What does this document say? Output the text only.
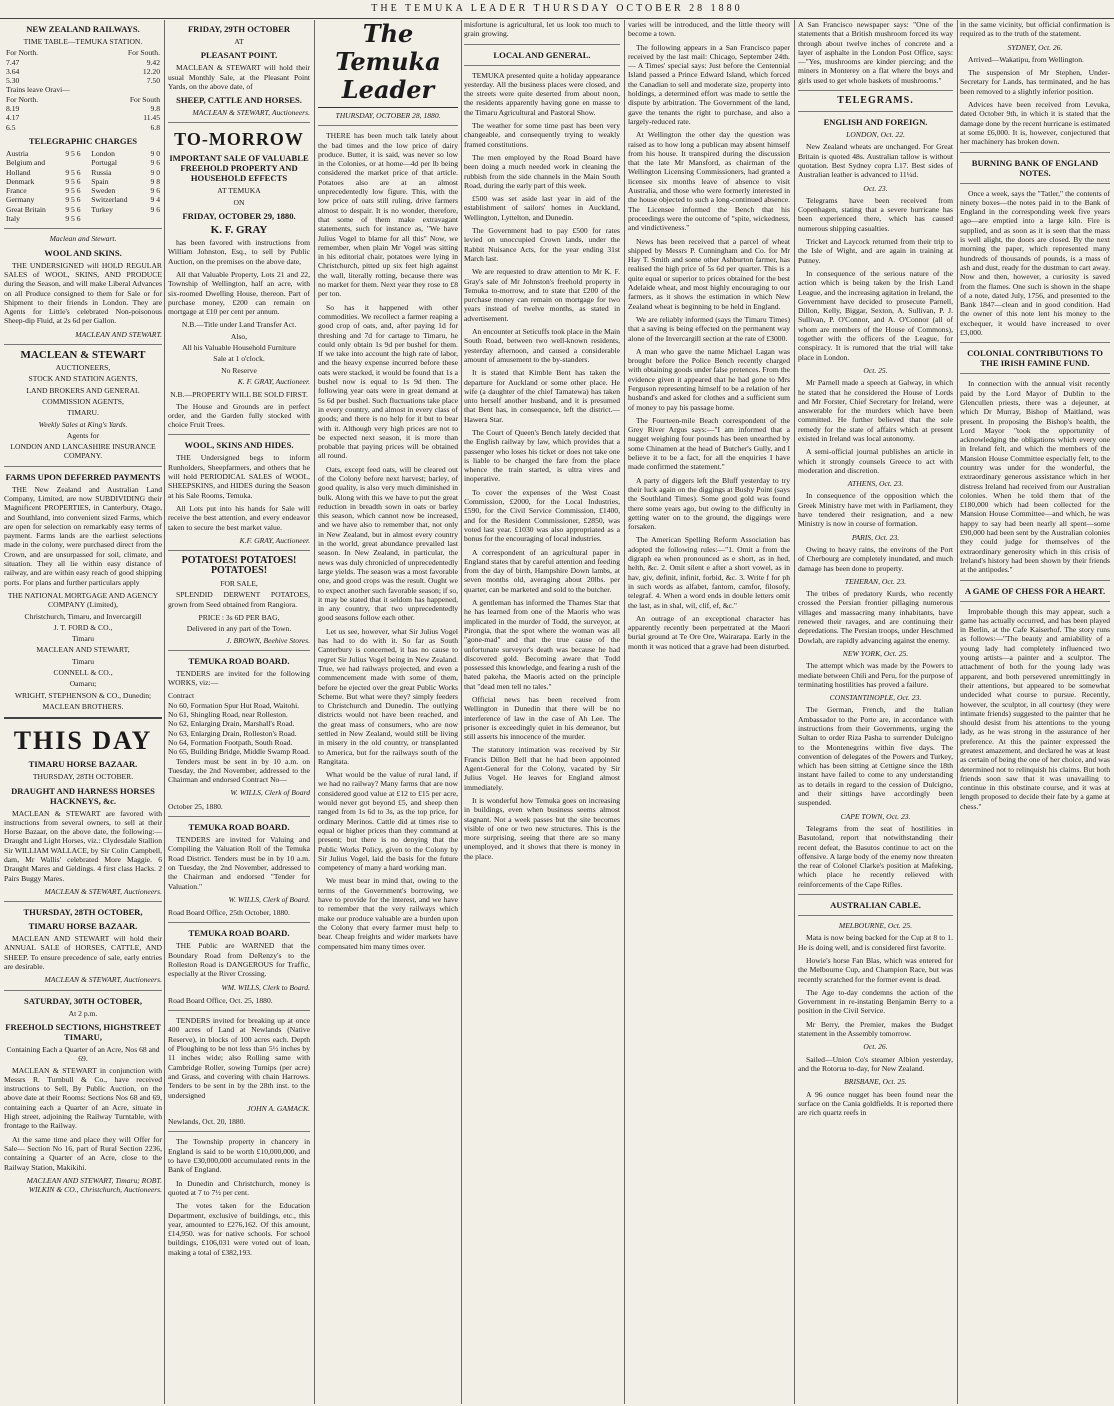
THE TEMUKA LEADER THURSDAY OCTOBER 28 1880
NEW ZEALAND RAILWAYS.
TIME TABLE—TEMUKA STATION.
For North.	For South.
7.47	9.42
3.64	12.20
5.30	7.50
Trains leave Oravi—	
For North.	For South
8.19	9.8
4.17	11.45
6.5	6.8
TELEGRAPHIC CHARGES
Austria	9 5 6	London	9 0
Belgium and		Portugal	9 6
Holland	9 5 6	Russia	9 0
Denmark	9 5 6	Spain	9 8
France	9 5 6	Sweden	9 6
Germany	9 5 6	Switzerland	9 4
Great Britain	9 5 6	Turkey	9 6
Italy	9 5 6		
Maclean and Stewart.
WOOL AND SKINS.

THE UNDERSIGNED will HOLD REGULAR SALES of WOOL, SKINS, AND PRODUCE during the Season, and will make Liberal Advances on all Produce consigned to them for Sale or for Shipment to their friends in London. They are Agents for Little's celebrated Non-poisonous Sheep-dip Fluid, at 2s 6d per Gallon.

MACLEAN AND STEWART.
MACLEAN & STEWART
AUCTIONEERS,
STOCK AND STATION AGENTS,
LAND BROKERS AND GENERAL
COMMISSION AGENTS,
TIMARU.
Weekly Sales at King's Yards.
Agents for
LONDON AND LANCASHIRE INSURANCE COMPANY.
FARMS UPON DEFERRED PAYMENTS

THE New Zealand and Australian Land Company, Limited, are now SUBDIVIDING their Magnificent PROPERTIES, in Canterbury, Otago, and Southland, into convenient sized Farms, which are open for selection on remarkably easy terms of payment. Farms lands are the earliest selections made in the colony, were purchased direct from the Crown, and are unsurpassed for soil, climate, and situation. They all lie within easy distance of railway, and are within easy reach of good shipping ports. For plans and further particulars apply

THE NATIONAL MORTGAGE AND AGENCY COMPANY (Limited),
Christchurch, Timaru, and Invercargill
J. T. FORD & CO.,
Timaru
MACLEAN AND STEWART,
Timaru
CONNELL & CO.,
Oamaru;
WRIGHT, STEPHENSON & CO., Dunedin;
MACLEAN BROTHERS.
THIS DAY
TIMARU HORSE BAZAAR.
THURSDAY, 28TH OCTOBER.
DRAUGHT AND HARNESS HORSES HACKNEYS, &c.

MACLEAN & STEWART are favored with instructions from several owners, to sell at their Horse Bazaar, on the above date, the following:— Draught and Light Horses, viz.: Clydesdale Stallion Sir WILLIAM WALLACE, by Sir Colin Campbell, dam, Mr Wallis' celebrated More Maggie. 6 Draught Mares and Geldings. 4 first class Hacks. 2 Pairs Buggy Mares.

MACLEAN & STEWART, Auctioneers.
THURSDAY, 28TH OCTOBER,
TIMARU HORSE BAZAAR.

MACLEAN AND STEWART will hold their ANNUAL SALE of HORSES, CATTLE, AND SHEEP. To ensure precedence of sale, early entries are desirable.

MACLEAN & STEWART, Auctioneers.
SATURDAY, 30TH OCTOBER,
At 2 p.m.
FREEHOLD SECTIONS, HIGHSTREET TIMARU,
Containing Each a Quarter of an Acre, Nos 68 and 69.

MACLEAN & STEWART in conjunction with Messrs R. Turnbull & Co., have received instructions to Sell, By Public Auction, on the above date at their Rooms: Sections Nos 68 and 69, containing each a Quarter of an Acre, situate in High street, adjoining the Railway Turntable, with frontage to the Railway.

At the same time and place they will Offer for Sale— Section No 16, part of Rural Section 2236, containing a Quarter of an Acre, close to the Railway Station, Makikihi.

MACLEAN AND STEWART, Timaru; ROBT. WILKIN & CO., Christchurch, Auctioneers.
FRIDAY, 29TH OCTOBER
AT
PLEASANT POINT.

MACLEAN & STEWART will hold their usual Monthly Sale, at the Pleasant Point Yards, on the above date, of

SHEEP, CATTLE AND HORSES.
MACLEAN & STEWART, Auctioneers.
TO-MORROW
IMPORTANT SALE OF VALUABLE FREEHOLD PROPERTY AND HOUSEHOLD EFFECTS
AT TEMUKA
ON
FRIDAY, OCTOBER 29, 1880.
K. F. GRAY

has been favored with instructions from William Johnston, Esq., to sell by Public Auction, on the premises on the above date,

All that Valuable Property, Lots 21 and 22, Township of Wellington, half an acre, with six-roomed Dwelling House, thereon. Part of purchase money, £200 can remain on mortgage at £10 per cent per annum.

N.B.—Title under Land Transfer Act.
Also,
All his Valuable Household Furniture
Sale at 1 o'clock.
No Reserve
K. F. GRAY, Auctioneer.
N.B.—PROPERTY WILL BE SOLD FIRST.

The House and Grounds are in perfect order, and the Garden fully stocked with choice Fruit Trees.

WOOL, SKINS AND HIDES.

THE Undersigned begs to inform Runholders, Sheepfarmers, and others that he will hold PERIODICAL SALES of WOOL, SHEEPSKINS, and HIDES during the Season at his Sale Rooms, Temuka.

All Lots put into his hands for Sale will receive the best attention, and every endeavor taken to secure the best market value.

K.F. GRAY, Auctioneer.
POTATOES! POTATOES! POTATOES!
FOR SALE,

SPLENDID DERWENT POTATOES, grown from Seed obtained from Rangiora.

PRICE : 3s 6D PER BAG,
Delivered in any part of the Town.
J. BROWN, Beehive Stores.
TEMUKA ROAD BOARD.

TENDERS are invited for the following WORKS, viz:—

Contract
No 60, Formation Spur Hut Road, Waitohi.
No 61, Shingling Road, near Rolleston.
No 62, Enlarging Drain, Marshall's Road.
No 63, Enlarging Drain, Rolleston's Road.
No 64, Formation Footpath, South Road.
No 65, Building Bridge, Middle Swamp Road.

Tenders must be sent in by 10 a.m. on Tuesday, the 2nd November, addressed to the Chairman and endorsed Contract No—

W. WILLS, Clerk of Board
October 25, 1880.
TEMUKA ROAD BOARD.

TENDERS are invited for Valuing and Compiling the Valuation Roll of the Temuka Road District. Tenders must be in by 10 a.m. on Tuesday, the 2nd November, addressed to the Chairman and endorsed "Tender for Valuation."

W. WILLS, Clerk of Board.
Road Board Office, 25th October, 1880.
TEMUKA ROAD BOARD.

THE Public are WARNED that the Boundary Road from DeRenzy's to the Rolleston Road is DANGEROUS for Traffic, especially at the River Crossing.

WM. WILLS, Clerk to Board.
Road Board Office, Oct. 25, 1880.

TENDERS invited for breaking up at once 400 acres of Land at Newlands (Native Reserve), in blocks of 100 acres each. Depth of Ploughing to be not less than 5½ inches by 11 inches wide; also Rolling same with Cambridge Roller, sowing Turnips (per acre) and Grass, and covering with chain Harrows. Tenders to be sent in by the 28th inst. to the undersigned

JOHN A. GAMACK.
Newlands, Oct. 20, 1880.

The Township property in chancery in England is said to be worth £10,000,000, and to have £30,000,000 accumulated rents in the Bank of England.

In Dunedin and Christchurch, money is quoted at 7 to 7½ per cent.

The votes taken for the Education Department, exclusive of buildings, etc., this year, amounted to £276,162. Of this amount, £14,950. was for native schools. For school buildings, £106,031 were voted out of loan, making a total of £382,193.

The Temuka Leader
THURSDAY, OCTOBER 28, 1880.

THERE has been much talk lately about the bad times and the low price of dairy produce. Butter, it is said, was never so low in the Colonies, or at home—4d per lb being considered the market price of that article. Potatoes also are at an almost unprecedentedly low figure. This, with the low price of oats still ruling, drive farmers almost to despair. It is no wonder, therefore, that some of them make extravagant statements, such for instance as, "We have Julius Vogel to blame for all this" Now, we remember, when plain Mr Vogel was sitting in his editorial chair, potatoes were lying in Christchurch, pitted up six feet high against the wall, literally rotting, because there was no market for them. Next year they rose to £8 per ton.

So has it happened with other commodities. We recollect a farmer reaping a good crop of oats, and, after paying 1d for threshing and 7d for cartage to Timaru, he could only obtain 1s 9d per bushel for them. If we take into account the high rate of labor, and the heavy expense incurred before these oats were stacked, it would be found that 1s a bushel now is equal to 1s 9d then. The following year oats were in great demand at 5s 6d per bushel. Such fluctuations take place in every country, and almost in every class of goods; and there is no help for it but to bear with it. Although very high prices are not to be expected next season, it is more than probable that paying prices will be obtained all round.

Oats, except feed oats, will be cleared out of the Colony before next harvest; barley, of good quality, is also very much diminished in bulk. Along with this we have to put the great reduction in breadth sown in oats or barley this season, which cannot now be increased, and we have also to remember that, not only in New Zealand, but in almost every country in the world, great abundance prevailed last season. In New Zealand, in particular, the news was duly chronicled of unprecedentedly large yields. The season was a most favorable one, and good crops was the result. Ought we to expect another such favorable season; if so, it may be stated that it seldom has happened, in any country, that two unprecedentedly good seasons follow each other.

Let us see, however, what Sir Julius Vogel has had to do with it. So far as South Canterbury is concerned, it has no cause to regret Sir Julius Vogel being in New Zealand. True, we had railways projected, and even a commencement made with some of them, before he ejected over the great Public Works Scheme. But what were they? simply feeders to Christchurch and Dunedin. The outlying districts would not have been reached, and the great mass of consumers, who are now settled in New Zealand, would still be living in misery in the old country, or transplanted to America, but for the railways south of the Rangitata.

What would be the value of rural land, if we had no railway? Many farms that are now considered good value at £12 to £15 per acre, would never got beyond £5, and sheep then ranged from 1s 6d to 3s, as the top price, for ordinary Merinos. Cattle did at times rise to equal or higher prices than they command at present; but there is no denying that the Public Works Policy, given to the Colony by Sir Julius Vogel, laid the basis for the future competency of many a hard working man.

We must bear in mind that, owing to the terms of the Government's borrowing, we have to provide for the interest, and we have to remember that the very railways which make our produce valuable are a burden upon the Colony that every farmer must help to bear. Cheap freights and wider markets have compensated him many times over.

misfortune is agricultural, let us look too much to grain growing.

LOCAL AND GENERAL.

TEMUKA presented quite a holiday appearance yesterday. All the business places were closed, and the streets were quite deserted from about noon, the residents apparently having gone en masse to the Timaru Agricultural and Pastoral Show.

The weather for some time past has been very changeable, and consequently trying to weakly framed constitutions.

The men employed by the Road Board have been doing a much needed work in cleaning the rubbish from the side channels in the Main South Road, during the early part of this week.

£500 was set aside last year in aid of the establishment of sailors' homes in Auckland, Wellington, Lyttelton, and Dunedin.

The Government had to pay £500 for rates levied on unoccupied Crown lands, under the Rabbit Nuisance Acts, for the year ending 31st March last.

We are requested to draw attention to Mr K. F. Gray's sale of Mr Johnston's freehold property in Temuka to-morrow, and to state that £200 of the purchase money can remain on mortgage for two years instead of twelve months, as stated in advertisement.

An encounter at Seticuffs took place in the Main South Road, between two well-known residents, yesterday afternoon, and caused a considerable amount of amusement to the by-standers.

It is stated that Kimble Bent has taken the departure for Auckland or some other place. He wife (a daughter of the chief Tamatewa) has taken unto herself another husband, and it is presumed that Bent has, in consequence, left the district.—Hawera Star.

The Court of Queen's Bench lately decided that the English railway by law, which provides that a passenger who loses his ticket or does not take one is liable to be charged the fare from the place whence the train started, is ultra vires and inoperative.

To cover the expenses of the West Coast Commission, £2000, for the Local Industries, £590, for the Civil Service Commission, £1400, and for the Resident Commissioner, £2850, was voted last year. £1030 was also appropriated as a bonus for the encouraging of local industries.

A correspondent of an agricultural paper in England states that by careful attention and feeding from the day of birth, Hampshire Down lambs, at seven months old, averaging about 20lbs. per quarter, can be marketed and sold to the butcher.

A gentleman has informed the Thames Star that he has learned from one of the Maoris who was implicated in the murder of Todd, the surveyor, at Pirongia, that the spot where the woman was all "gone-mad" and that the true cause of the unfortunate surveyor's death was because he had discovered gold. Becoming aware that Todd possessed this knowledge, and fearing a rush of the hated pakeha, the Maoris acted on the principle that "dead men tell no tales."

Official news has been received from Wellington in Dunedin that there will be no interference of law in the case of Ah Lee. The prisoner is exceedingly quiet in his demeanor, but still asserts his innocence of the murder.

The statutory intimation was received by Sir Francis Dillon Bell that he had been appointed Agent-General for the Colony, vacated by Sir Julius Vogel. He leaves for England almost immediately.

It is wonderful how Temuka goes on increasing in buildings, even when business seems almost stagnant. Not a week passes but the site becomes visible of one or two new structures. This is the more surprising, seeing that there are so many unemployed, and it shows that there is money in the place.

varies will be introduced, and the little theory will become a town.

The following appears in a San Francisco paper received by the last mail: Chicago, September 24th.— A Times' special says: Just before the Centennial Island passed a Prince Edward Island, which forced the Canadian to sell and moderate size, property into holdings, a determined effort was made to settle the dispute by arbitration. The Government of the land, gave the tenants the right to purchase, and also a largely-reduced rate.

At Wellington the other day the question was raised as to how long a publican may absent himself from his house. It transpired during the discussion that the late Mr Mansford, as chairman of the Wellington Licensing Commissioners, had granted a licensee six months leave of absence to visit Australia, and those who were formerly interested in the house objected to such a long-continued absence. The Licensee informed the Bench that his proceedings were the outcome of "spite, wickedness, and vindictiveness."

News has been received that a parcel of wheat shipped by Messrs P. Cunningham and Co. for Mr Hay T. Smith and some other Ashburton farmer, has realised the high price of 5s 6d per quarter. This is a quite equal or superior to prices obtained for the best Adelaide wheat, and most highly encouraging to our farmers, as it shows the estimation in which New Zealand wheat is beginning to be held in England.

We are reliably informed (says the Timaru Times) that a saving is being effected on the permanent way alone of the Invercargill section at the rate of £3000.

A man who gave the name Michael Lagan was brought before the Police Bench recently charged with obtaining goods under false pretences. From the evidence given it appeared that he had gone to Mrs Ferguson representing himself to be a relation of her husband's and asked for clothes and a sufficient sum of money to pay his passage home.

The Fourteen-mile Beach correspondent of the Grey River Argus says:—"I am informed that a nugget weighing four pounds has been unearthed by some Chinamen at the head of Butcher's Gully, and I believe it to be a fact, for all the enquiries I have made confirmed the statement."

A party of diggers left the Bluff yesterday to try their luck again on the diggings at Bushy Point (says the Southland Times). Some good gold was found there some years ago, but owing to the difficulty in getting water on to the ground, the diggings were forsaken.

The American Spelling Reform Association has adopted the following rules:—"1. Omit a from the digraph ea when pronounced as e short, as in hed, helth, &c. 2. Omit silent e after a short vowel, as in hav, giv, definit, infinit, forbid, &c. 3. Write f for ph in such words as alfabet, fantom, camfor, filosofy, telegraf. 4. When a word ends in double letters omit the last, as in shal, wil, clif, ef, &c."

An outrage of an exceptional character has apparently recently been perpetrated at the Maori burial ground at Te Ore Ore, Wairarapa. Early in the month it was noticed that a grave had been disturbed.

A San Francisco newspaper says: "One of the statements that a British mushroom forced its way through about twelve inches of concrete and a layer of asphalte in the London Post Office, says:—"Yes, mushrooms are kinder piercing; and the miners in Monterey on a flat where the boys and girls used to get whole baskets of mushrooms."

TELEGRAMS.
ENGLISH AND FOREIGN.
LONDON, Oct. 22.

New Zealand wheats are unchanged. For Great Britain is quoted 48s. Australian tallow is without quotation. Best Sydney copra L17. Best sides of Australian leather is advanced to 11¼d.

Oct. 23.

Telegrams have been received from Copenhagen, stating that a severe hurricane has been experienced there, which has caused numerous shipping casualties.

Tricket and Laycock returned from their trip to the Isle of Wight, and are again in training at Putney.

In consequence of the serious nature of the action which is being taken by the Irish Land League, and the increasing agitation in Ireland, the Government have decided to prosecute Parnell, Dillon, Kelly, Biggar, Sexton, A. Sullivan, P. J. Sullivan, P. O'Connor, and A. O'Connor (all of whom are members of the House of Commons), together with the officers of the League, for conspiracy. It is rumored that the trial will take place in London.

Oct. 25.

Mr Parnell made a speech at Galway, in which he stated that he considered the House of Lords and Mr Forster, Chief Secretary for Ireland, were answerable for the murders which have been committed. He further believed that the sole remedy for the state of affairs which at present existed in Ireland was local autonomy.

A semi-official journal publishes an article in which it strongly counsels Greece to act with moderation and discretion.

ATHENS, Oct. 23.

In consequence of the opposition which the Greek Ministry have met with in Parliament, they have tendered their resignation, and a new Ministry is now in course of formation.

PARIS, Oct. 23.

Owing to heavy rains, the environs of the Port of Cherbourg are completely inundated, and much damage has been done to property.

TEHERAN, Oct. 23.

The tribes of predatory Kurds, who recently crossed the Persian frontier pillaging numerous villages and massacring many inhabitants, have renewed their ravages, and are continuing their depredations. The Persian troops, under Heschmed Dowlah, are rapidly advancing against the enemy.

NEW YORK, Oct. 25.

The attempt which was made by the Powers to mediate between Chili and Peru, for the purpose of terminating hostilities has proved a failure.

CONSTANTINOPLE, Oct. 23.

The German, French, and the Italian Ambassador to the Porte are, in accordance with instructions from their Governments, urging the Sultan to order Riza Pasha to surrender Dulcigno to the Montenegrins within five days. The convention of delegates of the Powers and Turkey, which has been sitting at Cettigne since the 18th instant have failed to come to any understanding as to details in regard to the cession of Dulcigno, and their sittings have accordingly been suspended.

CAPE TOWN, Oct. 23.

Telegrams from the seat of hostilities in Basutoland, report that notwithstanding their recent defeat, the Basutos continue to act on the offensive. A large body of the enemy now threaten the rear of Colonel Clarke's position at Mafeking, which place he recently relieved with reinforcements of the Cape Rifles.

AUSTRALIAN CABLE.
MELBOURNE, Oct. 25.

Mata is now being backed for the Cup at 8 to 1. He is doing well, and is considered first favorite.

Howie's horse Fan Blas, which was entered for the Melbourne Cup, and Champion Race, but was recently scratched for the former event is dead.

The Age to-day condemns the action of the Government in re-instating Benjamin Berry to a position in the Civil Service.

Mr Berry, the Premier, makes the Budget statement in the Assembly tomorrow.

Oct. 26.

Sailed—Union Co's steamer Albion yesterday, and the Rotorua to-day, for New Zealand.

BRISBANE, Oct. 25.

A 96 ounce nugget has been found near the surface on the Cania goldfields. It is reported there are rich quartz reefs in

in the same vicinity, but official confirmation is required as to the truth of the statement.

SYDNEY, Oct. 26.

Arrived—Wakatipu, from Wellington.

The suspension of Mr Stephen, Under-Secretary for Lands, has terminated, and he has been removed to a slightly inferior position.

Advices have been received from Levuka, dated October 9th, in which it is stated that the damage done by the recent hurricane is estimated at some £6,000. It is, however, conjectured that her machinery has broken down.

BURNING BANK OF ENGLAND NOTES.

Once a week, says the "Tatler," the contents of ninety boxes—the notes paid in to the Bank of England in the corresponding week five years ago—are emptied into a large kiln. Fire is supplied, and as soon as it is seen that the mass is well alight, the doors are closed. By the next morning the paper, which represented many hundreds of thousands of pounds, is a mass of ash and dust, ready for the dustman to cart away. Now and then, however, a curiosity is saved from the flames. One such is shown in the shape of a note, dated July, 1756, and presented to the Bank 1847—clean and in good condition. Had the owner of this note lent his money to the exchequer, it would have increased to over £3,000.

COLONIAL CONTRIBUTIONS TO THE IRISH FAMINE FUND.

In connection with the annual visit recently paid by the Lord Mayor of Dublin to the Glencullen priests, there was a dejeuner, at which Dr Murray, Bishop of Maitland, was present. In proposing the Bishop's health, the Lord Mayor "took the opportunity of acknowledging the obligations which every one in Ireland felt, and which the members of the Mansion House Committee especially felt, to the country was under for the wonderful, the extraordinary generous assistance which in her distress Ireland had received from our Australian colonies. When he told them that of the £180,000 which had been collected for the Mansion House Committee—and which, he was happy to say had been nearly all spent—some £90,000 had been sent by the Australian colonies they could judge for themselves of the extraordinary generosity which in this crisis of Ireland's history had been shown by their friends at the antipodes."

A GAME OF CHESS FOR A HEART.

Improbable though this may appear, such a game has actually occurred, and has been played in Berlin, at the Cafe Kaiserhof. The story runs as follows:—"The beauty and amiability of a young lady had completely influenced two young artists—a painter and a sculptor. The attachment of both for the young lady was apparent, and both persevered unremittingly in their attentions, but appeared to be somewhat undecided what course to pursue. Recently, however, the sculptor, in all courtesy (they were intimate friends) suggested to the painter that he should desist from his attentions to the young lady, as he was strong in the assurance of her preference. At this the painter expressed the greatest amazement, and declared he was at least as certain of being the one of her choice, and was determined not to relinquish his claims. But both friends soon saw that it was unavailing to continue in this obstinate course, and it was at length proposed to decide their fate by a game at chess."
